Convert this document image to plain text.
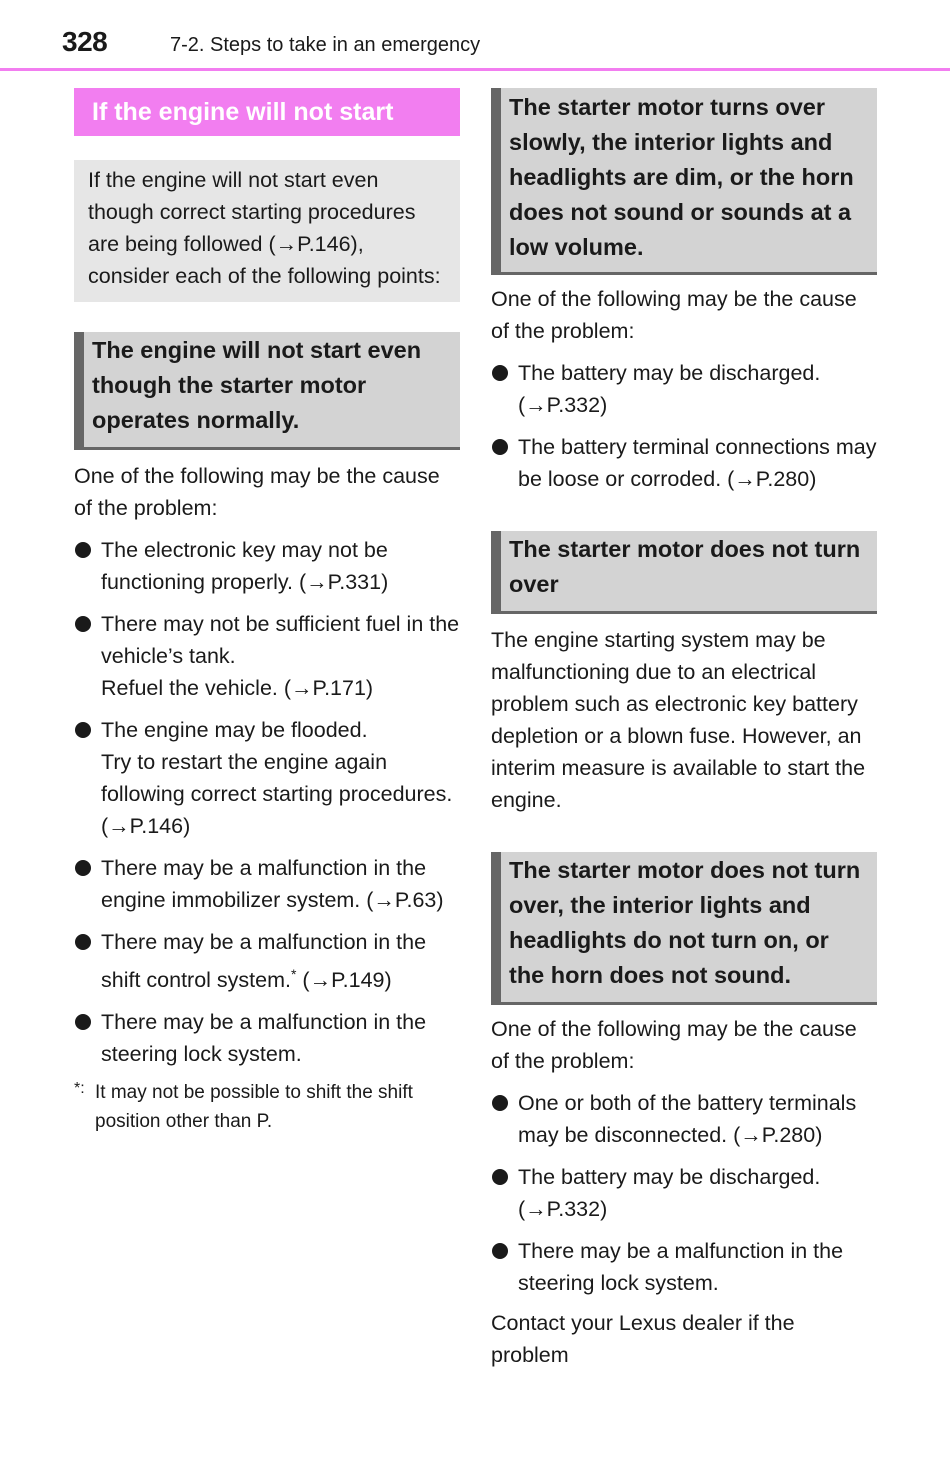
328	7-2. Steps to take in an emergency
If the engine will not start
If the engine will not start even though correct starting procedures are being followed (→P.146), consider each of the following points:
The engine will not start even though the starter motor operates normally.
One of the following may be the cause of the problem:
The electronic key may not be functioning properly. (→P.331)
There may not be sufficient fuel in the vehicle’s tank.
Refuel the vehicle. (→P.171)
The engine may be flooded.
Try to restart the engine again following correct starting procedures. (→P.146)
There may be a malfunction in the engine immobilizer system. (→P.63)
There may be a malfunction in the shift control system.* (→P.149)
There may be a malfunction in the steering lock system.
*: It may not be possible to shift the shift position other than P.
The starter motor turns over slowly, the interior lights and headlights are dim, or the horn does not sound or sounds at a low volume.
One of the following may be the cause of the problem:
The battery may be discharged. (→P.332)
The battery terminal connections may be loose or corroded. (→P.280)
The starter motor does not turn over
The engine starting system may be malfunctioning due to an electrical problem such as electronic key battery depletion or a blown fuse. However, an interim measure is available to start the engine.
The starter motor does not turn over, the interior lights and headlights do not turn on, or the horn does not sound.
One of the following may be the cause of the problem:
One or both of the battery terminals may be disconnected. (→P.280)
The battery may be discharged. (→P.332)
There may be a malfunction in the steering lock system.
Contact your Lexus dealer if the problem
